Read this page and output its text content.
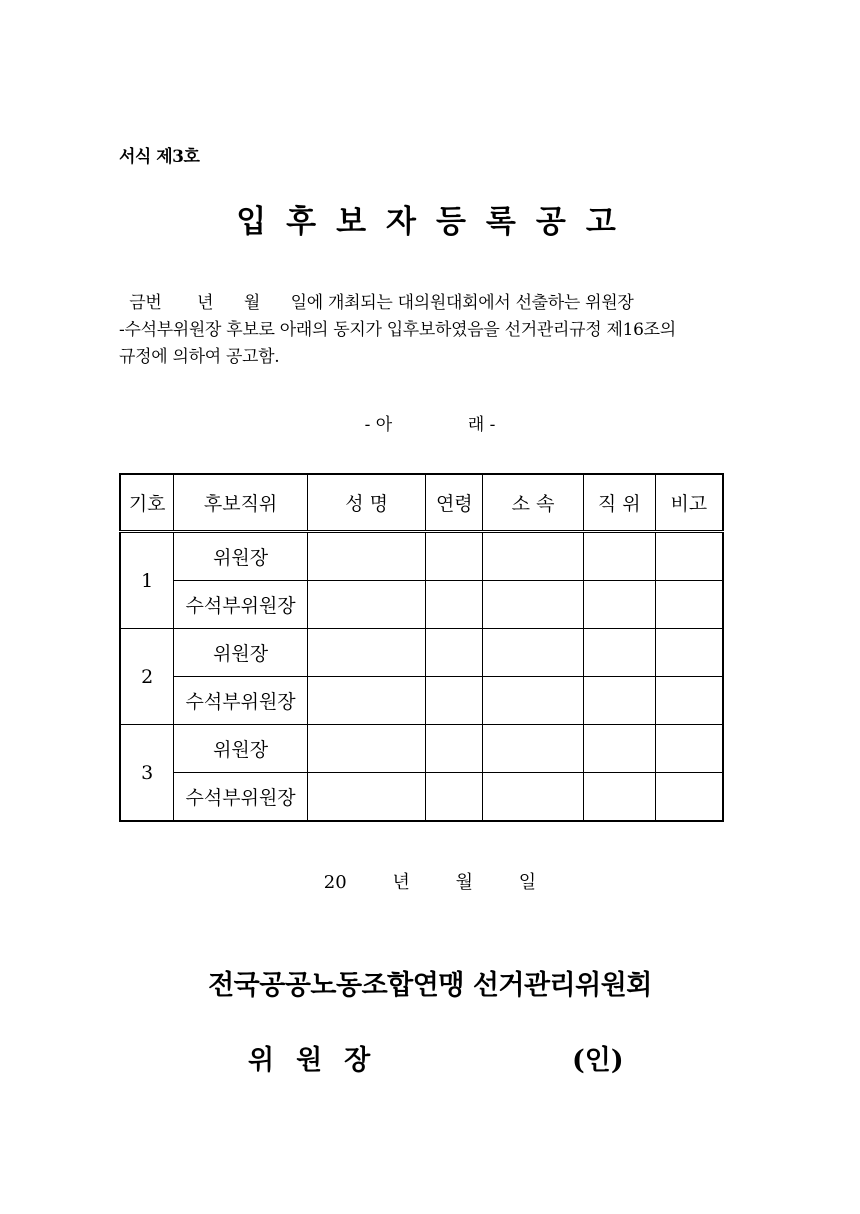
서식 제3호
입후보자등록공고
금번       년      월      일에 개최되는 대의원대회에서 선출하는 위원장
-수석부위원장 후보로 아래의 동지가 입후보하였음을 선거관리규정 제16조의
규정에 의하여 공고함.
- 아              래 -
기호	후보직위	성 명	연령	소 속	직 위	비고
1	위원장					
	수석부위원장					
2	위원장					
	수석부위원장					
3	위원장					
	수석부위원장					
20        년        월        일
전국공공노동조합연맹 선거관리위원회
위원장	(인)
